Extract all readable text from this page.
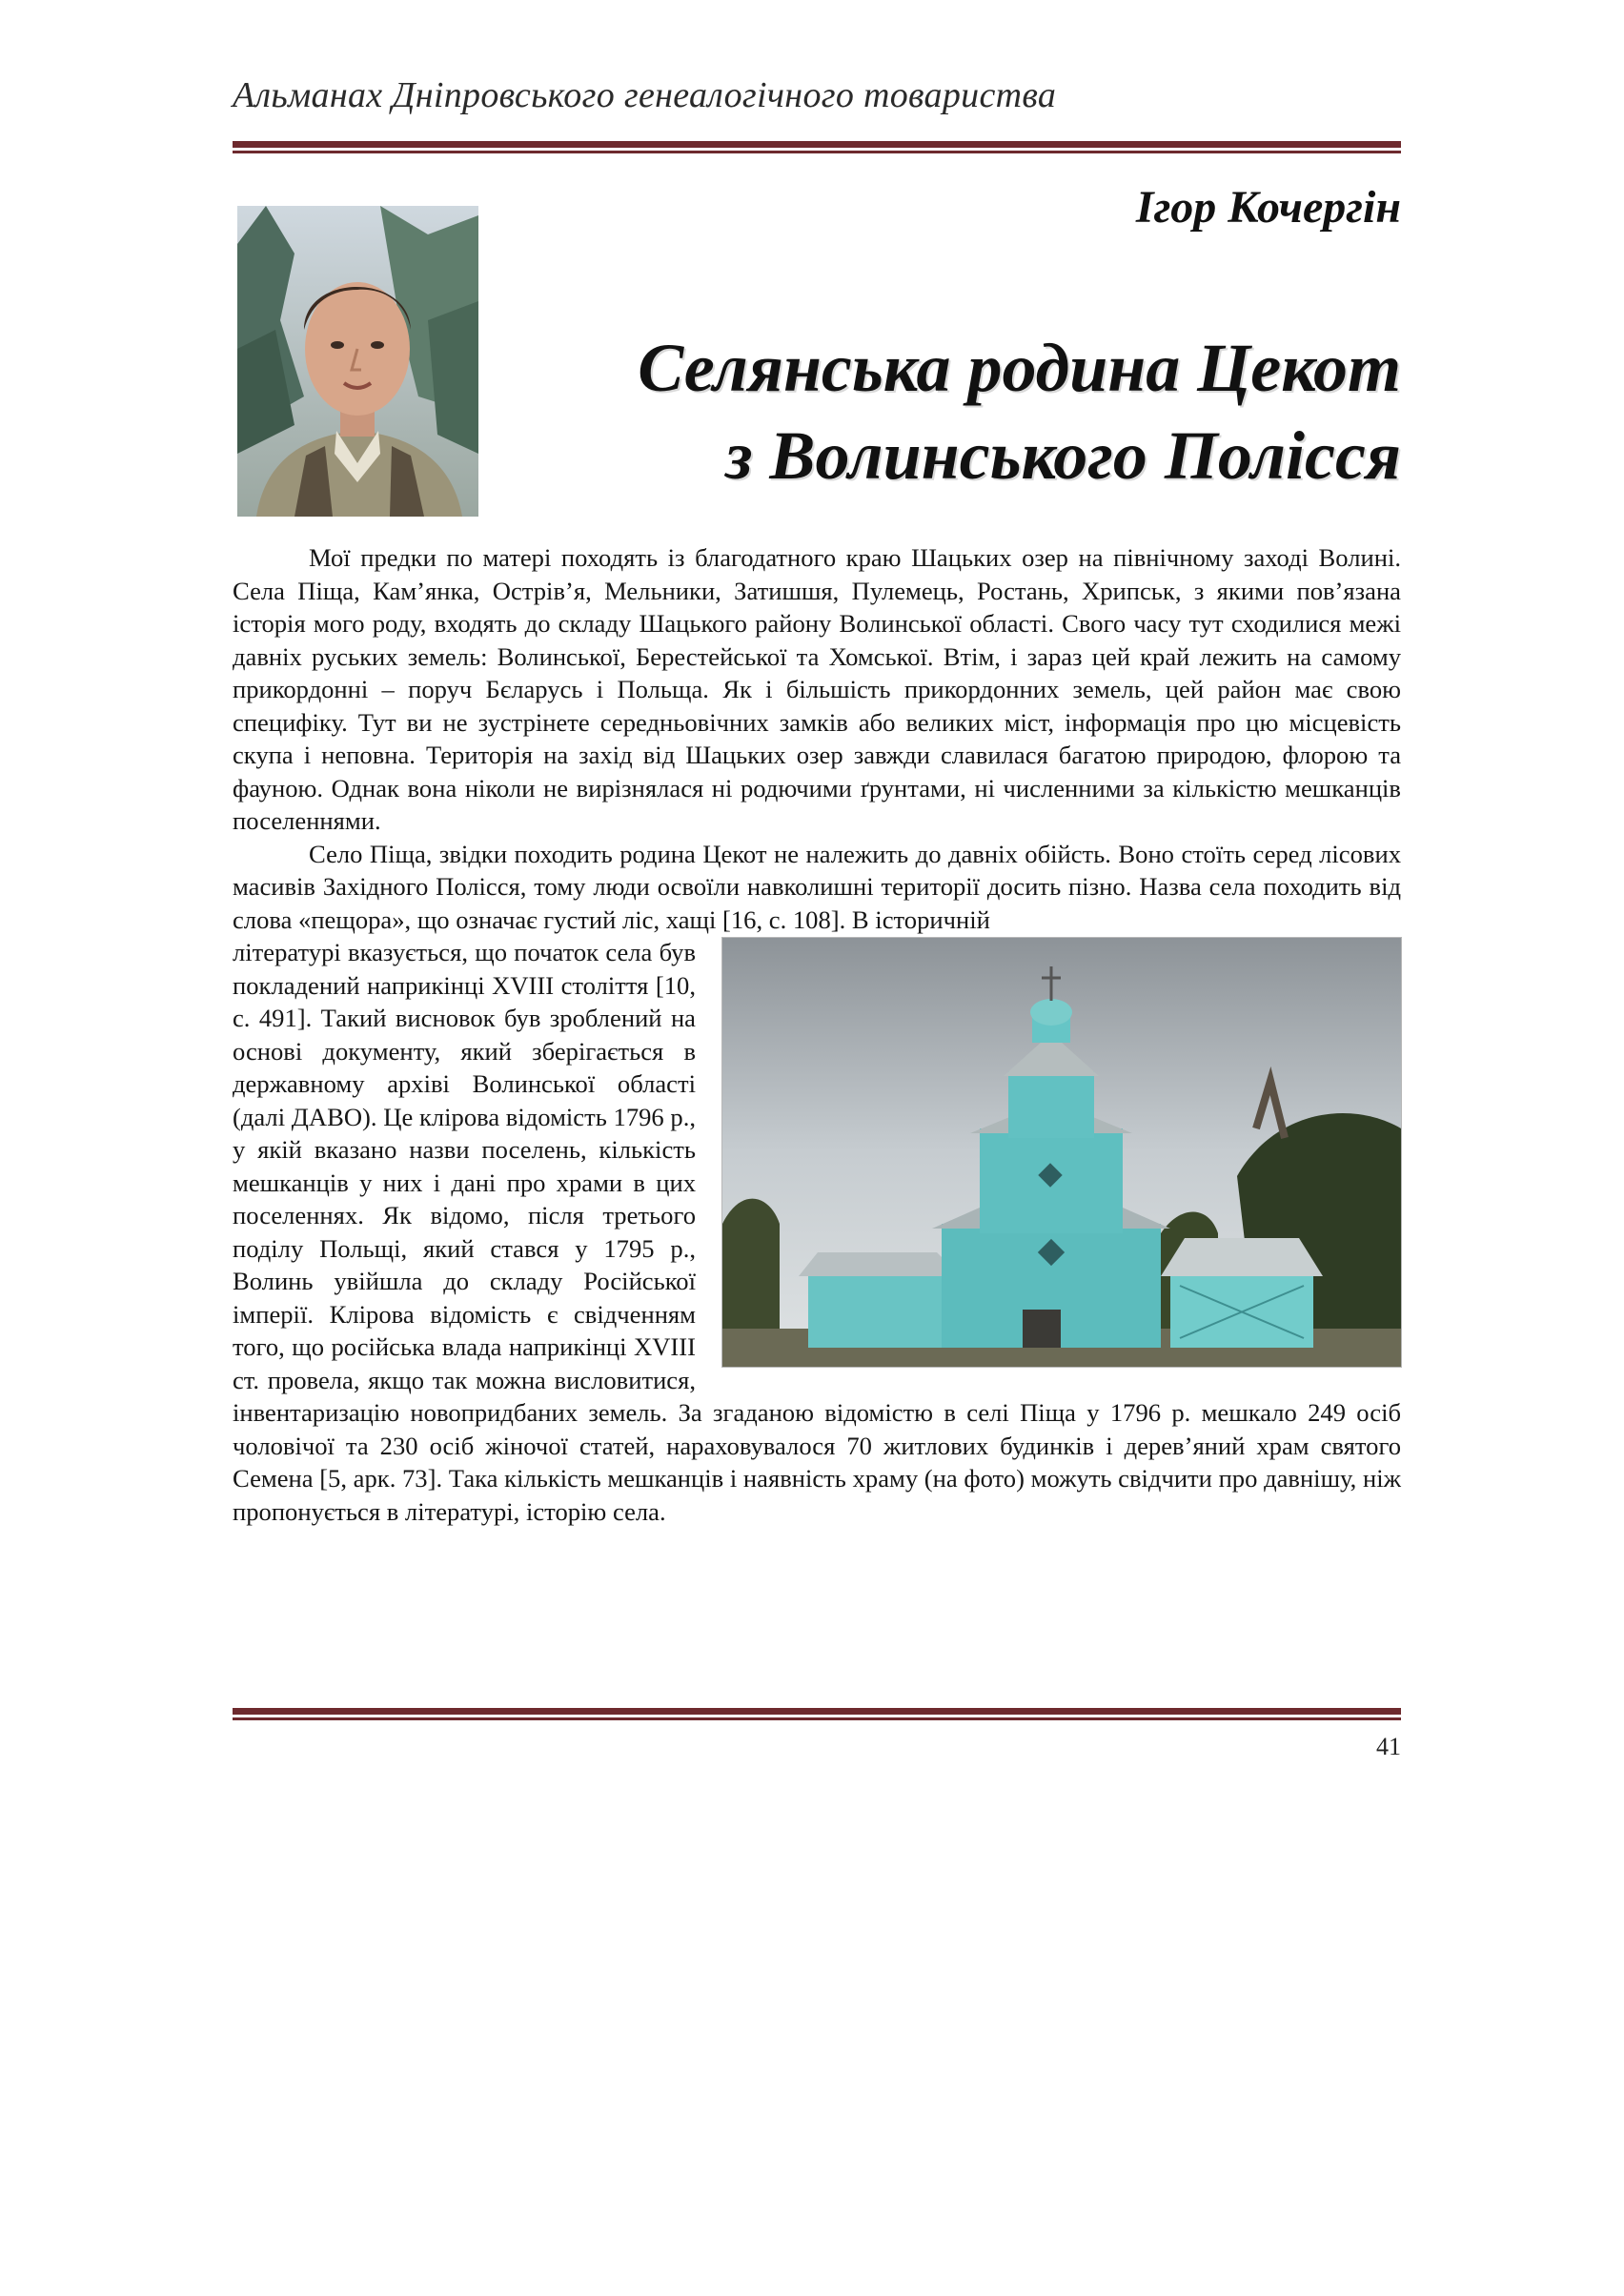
Альманах Дніпровського генеалогічного товариства
Ігор Кочергін
Селянська родина Цекот
з Волинського Полісся

Мої предки по матері походять із благодатного краю Шацьких озер на північному заході Волині. Села Піща, Кам’янка, Острів’я, Мельники, Затишшя, Пулемець, Ростань, Хрипськ, з якими пов’язана історія мого роду, входять до складу Шацького району Волинської області. Свого часу тут сходилися межі давніх руських земель: Волинської, Берестейської та Хомської. Втім, і зараз цей край лежить на самому прикордонні – поруч Бєларусь і Польща. Як і більшість прикордонних земель, цей район має свою специфіку. Тут ви не зустрінете середньовічних замків або великих міст, інформація про цю місцевість скупа і неповна. Територія на захід від Шацьких озер завжди славилася багатою природою, флорою та фауною. Однак вона ніколи не вирізнялася ні родючими ґрунтами, ні численними за кількістю мешканців поселеннями.

Село Піща, звідки походить родина Цекот не належить до давніх обійсть. Воно стоїть серед лісових масивів Західного Полісся, тому люди освоїли навколишні території досить пізно. Назва села походить від слова «пещора», що означає густий ліс, хащі [16, с. 108]. В історичній

літературі вказується, що початок села був покладений наприкінці XVIII століття [10, с. 491]. Такий висновок був зроблений на основі документу, який зберігається в державному архіві Волинської області (далі ДАВО). Це клірова відомість 1796 р., у якій вказано назви поселень, кількість мешканців у них і дані про храми в цих поселеннях. Як відомо, після третього поділу Польщі, який стався у 1795 р., Волинь увійшла до складу Російської імперії. Клірова відомість є свідченням того, що російська влада наприкінці XVIII ст. провела, якщо так можна висловитися, інвентаризацію новопридбаних земель. За згаданою відомістю в селі Піща у 1796 р. мешкало 249 осіб чоловічої та 230 осіб жіночої статей, нараховувалося 70 житлових будинків і дерев’яний храм святого Семена [5, арк. 73]. Така кількість мешканців і наявність храму (на фото) можуть свідчити про давнішу, ніж пропонується в літературі, історію села.

41
